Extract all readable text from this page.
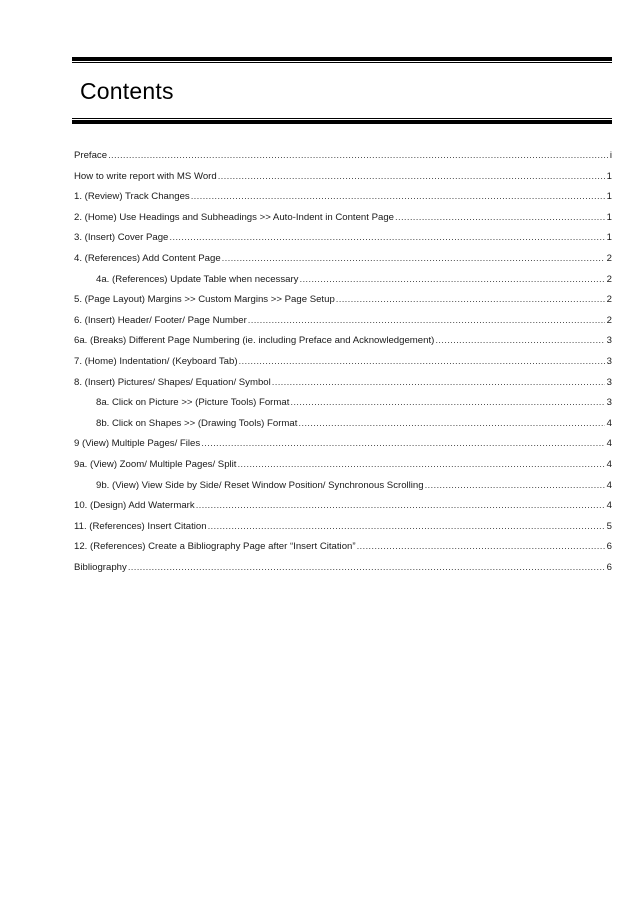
Contents
Preface .....	i
How to write report with MS Word .....	1
1. (Review) Track Changes .....	1
2. (Home) Use Headings and Subheadings >> Auto-Indent in Content Page .....	1
3. (Insert) Cover Page .....	1
4. (References) Add Content Page .....	2
4a. (References) Update Table when necessary .....	2
5. (Page Layout) Margins >> Custom Margins >> Page Setup .....	2
6. (Insert) Header/ Footer/ Page Number .....	2
6a. (Breaks) Different Page Numbering (ie. including Preface and Acknowledgement) .....	3
7. (Home) Indentation/ (Keyboard Tab) .....	3
8. (Insert) Pictures/ Shapes/ Equation/ Symbol .....	3
8a. Click on Picture >> (Picture Tools) Format .....	3
8b. Click on Shapes >> (Drawing Tools) Format .....	4
9 (View) Multiple Pages/ Files .....	4
9a. (View) Zoom/ Multiple Pages/ Split .....	4
9b. (View) View Side by Side/ Reset Window Position/ Synchronous Scrolling .....	4
10. (Design) Add Watermark .....	4
11. (References) Insert Citation .....	5
12. (References) Create a Bibliography Page after “Insert Citation” .....	6
Bibliography .....	6
